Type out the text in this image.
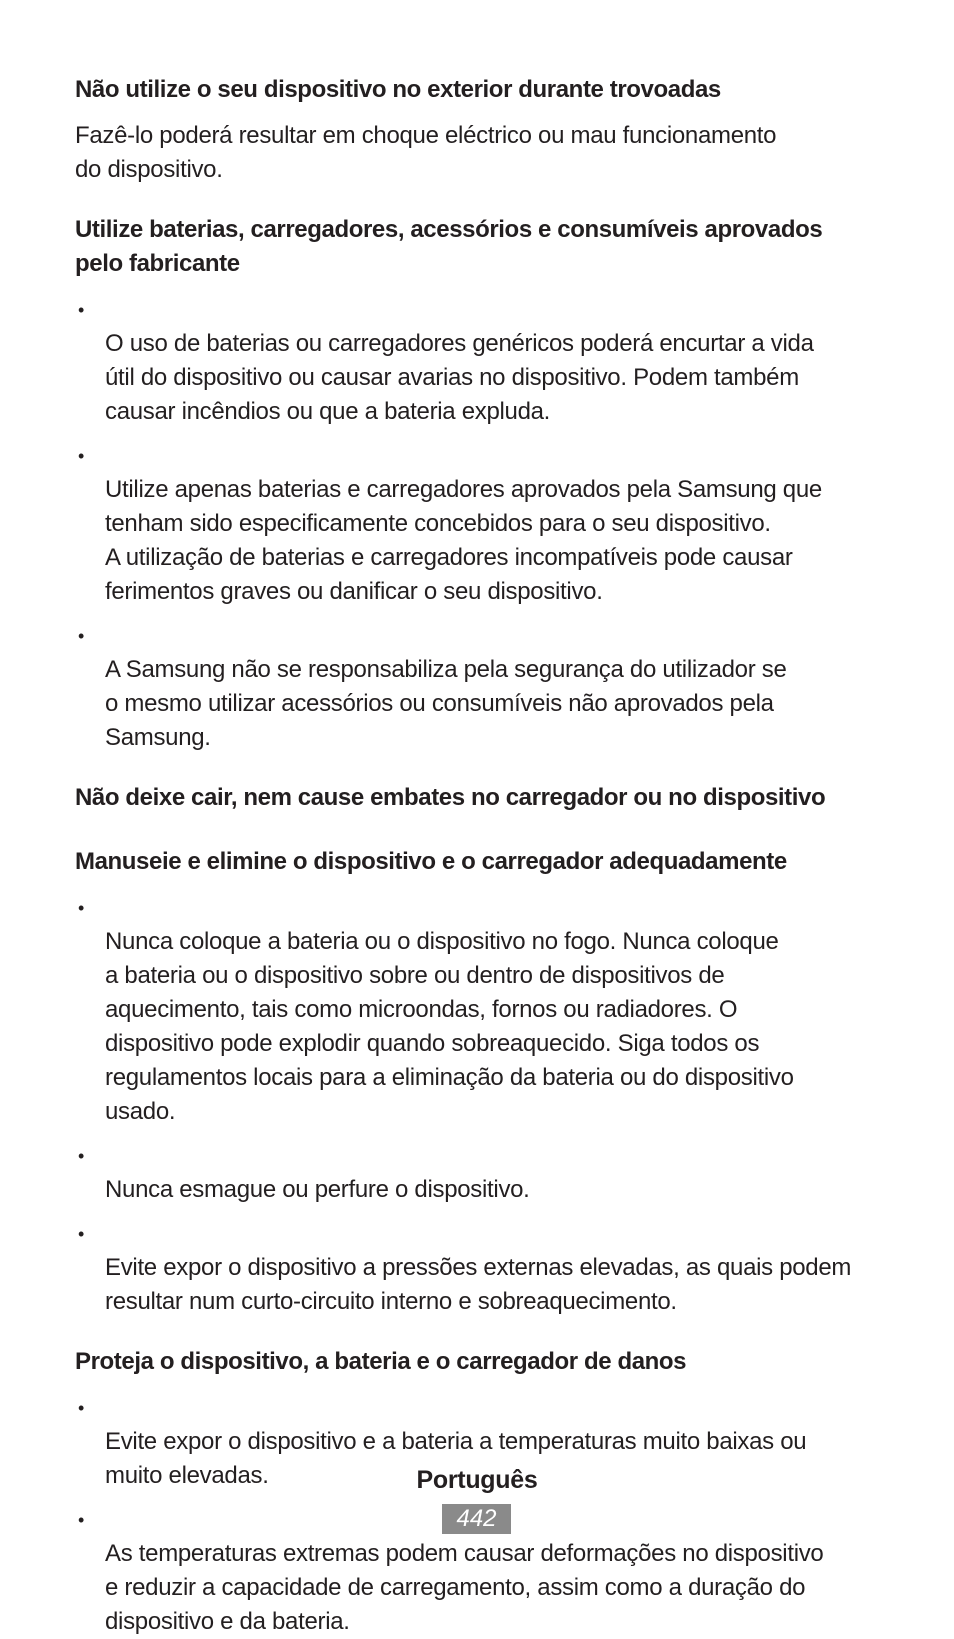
Não utilize o seu dispositivo no exterior durante trovoadas

Fazê-lo poderá resultar em choque eléctrico ou mau funcionamento
do dispositivo.

Utilize baterias, carregadores, acessórios e consumíveis aprovados
pelo fabricante

•
O uso de baterias ou carregadores genéricos poderá encurtar a vida
útil do dispositivo ou causar avarias no dispositivo. Podem também
causar incêndios ou que a bateria expluda.

•
Utilize apenas baterias e carregadores aprovados pela Samsung que
tenham sido especificamente concebidos para o seu dispositivo.
A utilização de baterias e carregadores incompatíveis pode causar
ferimentos graves ou danificar o seu dispositivo.

•
A Samsung não se responsabiliza pela segurança do utilizador se
o mesmo utilizar acessórios ou consumíveis não aprovados pela
Samsung.

Não deixe cair, nem cause embates no carregador ou no dispositivo
Manuseie e elimine o dispositivo e o carregador adequadamente

•
Nunca coloque a bateria ou o dispositivo no fogo. Nunca coloque
a bateria ou o dispositivo sobre ou dentro de dispositivos de
aquecimento, tais como microondas, fornos ou radiadores. O
dispositivo pode explodir quando sobreaquecido. Siga todos os
regulamentos locais para a eliminação da bateria ou do dispositivo
usado.

•
Nunca esmague ou perfure o dispositivo.

•
Evite expor o dispositivo a pressões externas elevadas, as quais podem
resultar num curto-circuito interno e sobreaquecimento.

Proteja o dispositivo, a bateria e o carregador de danos

•
Evite expor o dispositivo e a bateria a temperaturas muito baixas ou
muito elevadas.

•
As temperaturas extremas podem causar deformações no dispositivo
e reduzir a capacidade de carregamento, assim como a duração do
dispositivo e da bateria.

Português
442
